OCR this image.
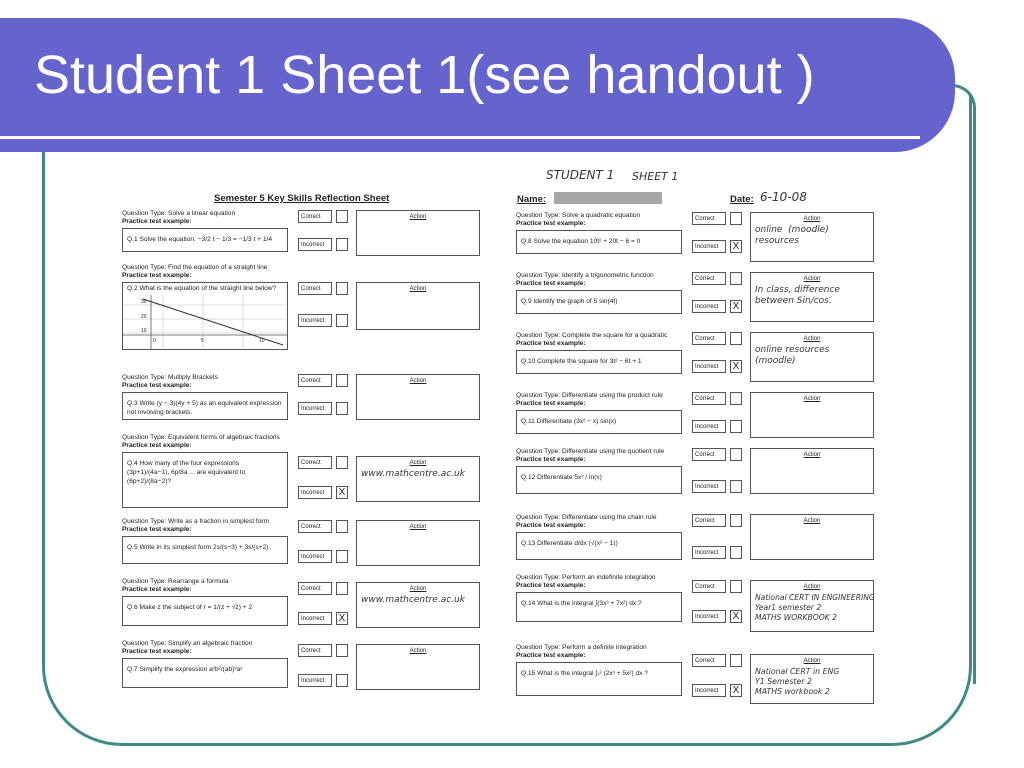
Student 1 Sheet 1(see handout )
Semester 5 Key Skills Reflection Sheet
Question Type: Solve a linear equation
Practice test example:
Q.1 Solve the equation: −3/2 t − 1/3 = −1/3 t + 1/4
Correct
Incorrect
Action
Question Type: Find the equation of a straight line
Practice test example:
Q.2 What is the equation of the straight line below?
30
20
10
0	5	10
Correct
Incorrect
Action
Question Type: Multiply Brackets
Practice test example:
Q.3 Write (y − 3)(4y + 5) as an equivalent expression not involving brackets.
Correct
Incorrect
Action
Question Type: Equivalent forms of algebraic fractions
Practice test example:
Q.4 How many of the four expressions (3p+1)/(4a−1), 6p/8a ... are equivalent to (6p+2)/(8a−2)?
Correct
Incorrect	X
Action
www.mathcentre.ac.uk
Question Type: Write as a fraction in simplest form
Practice test example:
Q.5 Write in its simplest form 2s/(s−3) + 3s/(s+2)
Correct
Incorrect
Action
Question Type: Rearrange a formula
Practice test example:
Q.6 Make z the subject of r = 1/(z + √z) + 2
Correct
Incorrect	X
Action
www.mathcentre.ac.uk
Question Type: Simplify an algebraic fraction
Practice test example:
Q.7 Simplify the expression a²b²/(ab)³a²
Correct
Incorrect
Action
STUDENT 1 SHEET 1
Name:	Date: 6-10-08
Question Type: Solve a quadratic equation
Practice test example:
Q.8 Solve the equation 10t² + 20t − 6 = 0
Correct
Incorrect	X
Action
online  (moodle)
resources
Question Type: Identify a trigonometric function
Practice test example:
Q.9 Identify the graph of 5 sin(4t)
Correct
Incorrect	X
Action
In class, difference
between Sin/cos.
Question Type: Complete the square for a quadratic
Practice test example:
Q.10 Complete the square for 3t² − 6t + 1
Correct
Incorrect	X
Action
online resources
(moodle)
Question Type: Differentiate using the product rule
Practice test example:
Q.11 Differentiate (3x² − x) sin(x)
Correct
Incorrect
Action
Question Type: Differentiate using the quotient rule
Practice test example:
Q.12 Differentiate 5x³ / ln(x)
Correct
Incorrect
Action
Question Type: Differentiate using the chain rule
Practice test example:
Q.13 Differentiate d/dx (√(x² − 1))
Correct
Incorrect
Action
Question Type: Perform an indefinite integration
Practice test example:
Q.14 What is the integral ∫(3x³ + 7x²) dx ?
Correct
Incorrect	X
Action
National CERT IN ENGINEERING
Year1 semester 2
MATHS WORKBOOK 2
Question Type: Perform a definite integration
Practice test example:
Q.15 What is the integral ∫₁² (2x³ + 5x²) dx ?
Correct
Incorrect	X
Action
National CERT in ENG
Y1 Semester 2
MATHS workbook 2
